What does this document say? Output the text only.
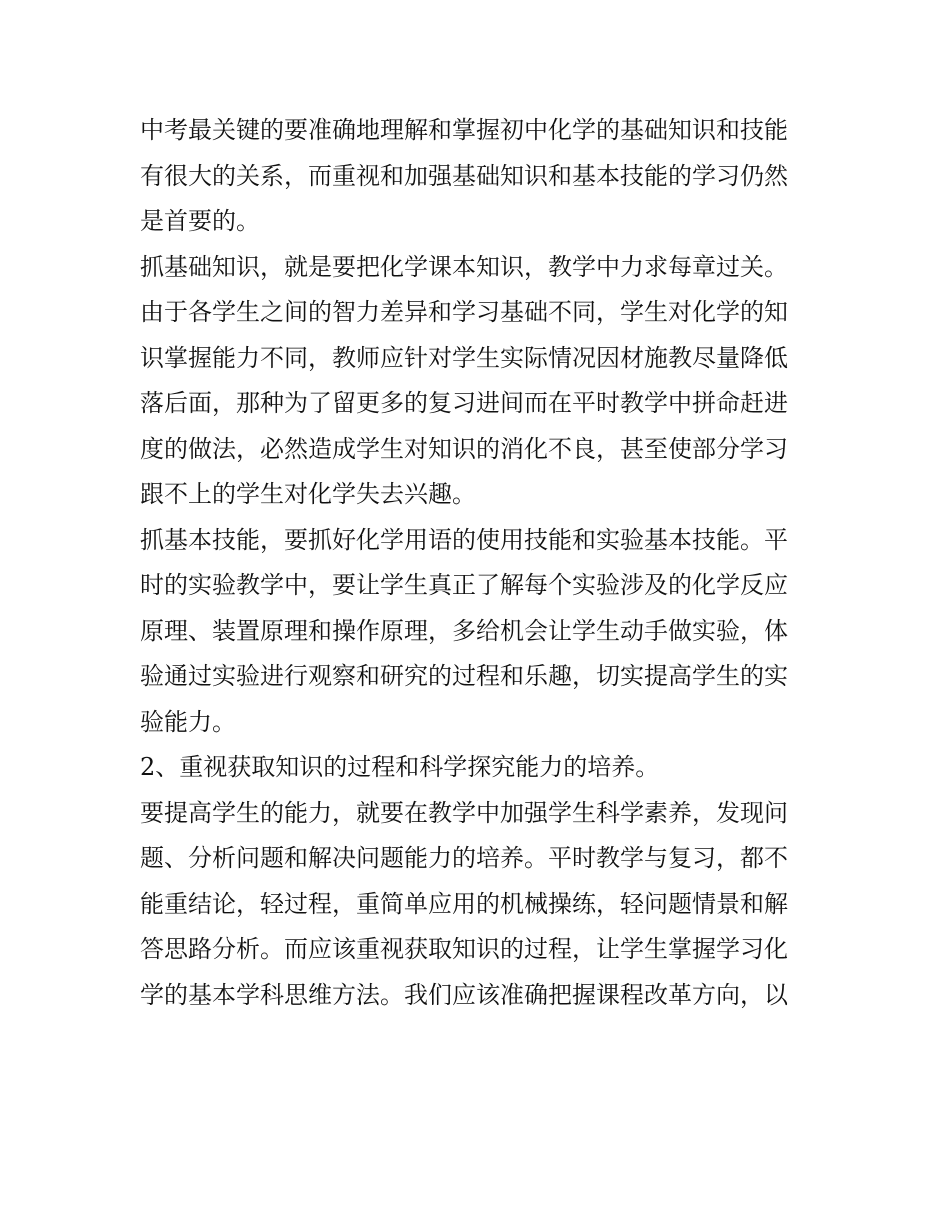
中考最关键的要准确地理解和掌握初中化学的基础知识和技能
有很大的关系，而重视和加强基础知识和基本技能的学习仍然
是首要的。

抓基础知识，就是要把化学课本知识，教学中力求每章过关。

由于各学生之间的智力差异和学习基础不同，学生对化学的知
识掌握能力不同，教师应针对学生实际情况因材施教尽量降低
落后面，那种为了留更多的复习进间而在平时教学中拼命赶进
度的做法，必然造成学生对知识的消化不良，甚至使部分学习
跟不上的学生对化学失去兴趣。

抓基本技能，要抓好化学用语的使用技能和实验基本技能。平
时的实验教学中，要让学生真正了解每个实验涉及的化学反应
原理、装置原理和操作原理，多给机会让学生动手做实验，体
验通过实验进行观察和研究的过程和乐趣，切实提高学生的实
验能力。

2、重视获取知识的过程和科学探究能力的培养。

要提高学生的能力，就要在教学中加强学生科学素养，发现问
题、分析问题和解决问题能力的培养。平时教学与复习，都不
能重结论，轻过程，重简单应用的机械操练，轻问题情景和解
答思路分析。而应该重视获取知识的过程，让学生掌握学习化
学的基本学科思维方法。我们应该准确把握课程改革方向，以
